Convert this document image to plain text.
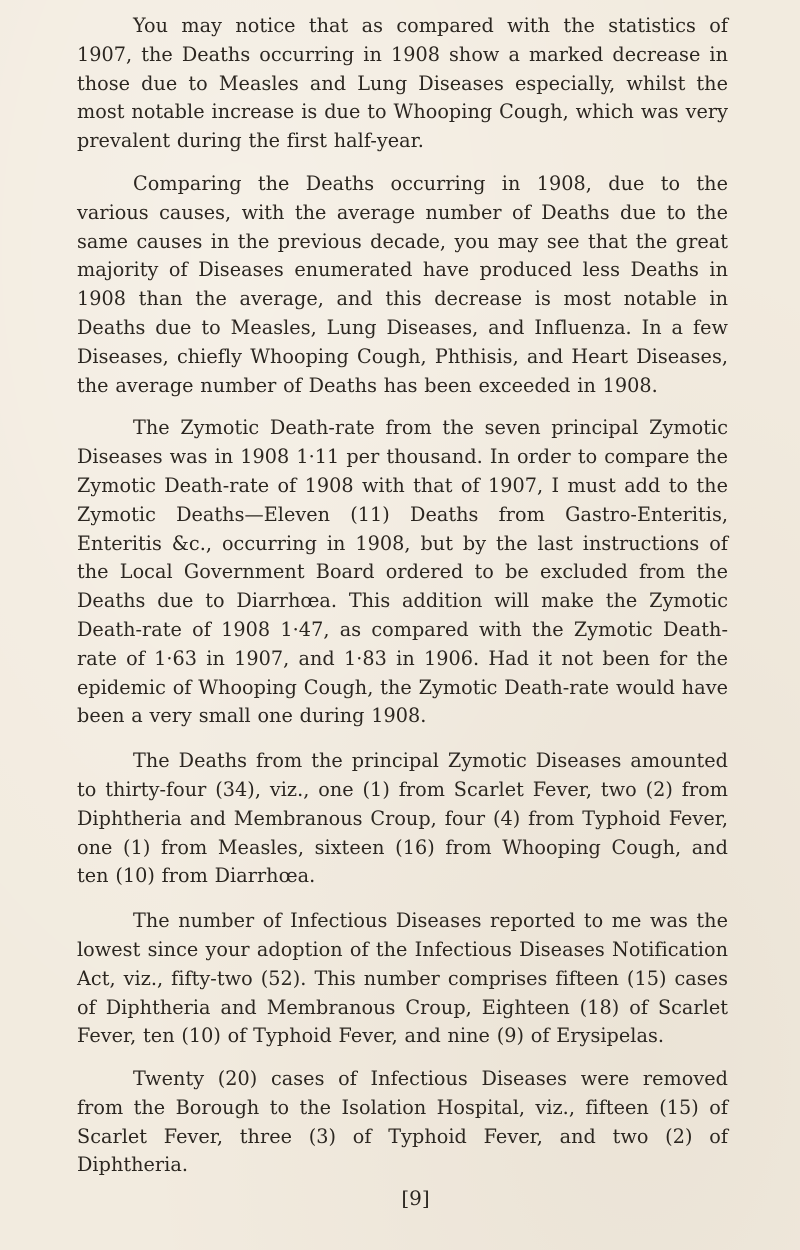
You may notice that as compared with the statistics of 1907, the Deaths occurring in 1908 show a marked decrease in those due to Measles and Lung Diseases especially, whilst the most notable increase is due to Whooping Cough, which was very prevalent during the first half-year.

Comparing the Deaths occurring in 1908, due to the various causes, with the average number of Deaths due to the same causes in the previous decade, you may see that the great majority of Diseases enumerated have produced less Deaths in 1908 than the average, and this decrease is most notable in Deaths due to Measles, Lung Diseases, and Influenza. In a few Diseases, chiefly Whooping Cough, Phthisis, and Heart Diseases, the average number of Deaths has been exceeded in 1908.

The Zymotic Death-rate from the seven principal Zymotic Diseases was in 1908 1·11 per thousand. In order to compare the Zymotic Death-rate of 1908 with that of 1907, I must add to the Zymotic Deaths—Eleven (11) Deaths from Gastro-Enteritis, Enteritis &c., occurring in 1908, but by the last instructions of the Local Government Board ordered to be excluded from the Deaths due to Diarrhœa. This addition will make the Zymotic Death-rate of 1908 1·47, as compared with the Zymotic Death-rate of 1·63 in 1907, and 1·83 in 1906. Had it not been for the epidemic of Whooping Cough, the Zymotic Death-rate would have been a very small one during 1908.

The Deaths from the principal Zymotic Diseases amounted to thirty-four (34), viz., one (1) from Scarlet Fever, two (2) from Diphtheria and Membranous Croup, four (4) from Typhoid Fever, one (1) from Measles, sixteen (16) from Whooping Cough, and ten (10) from Diarrhœa.

The number of Infectious Diseases reported to me was the lowest since your adoption of the Infectious Diseases Notification Act, viz., fifty-two (52). This number comprises fifteen (15) cases of Diphtheria and Membranous Croup, Eighteen (18) of Scarlet Fever, ten (10) of Typhoid Fever, and nine (9) of Erysipelas.

Twenty (20) cases of Infectious Diseases were removed from the Borough to the Isolation Hospital, viz., fifteen (15) of Scarlet Fever, three (3) of Typhoid Fever, and two (2) of Diphtheria.

[9]
